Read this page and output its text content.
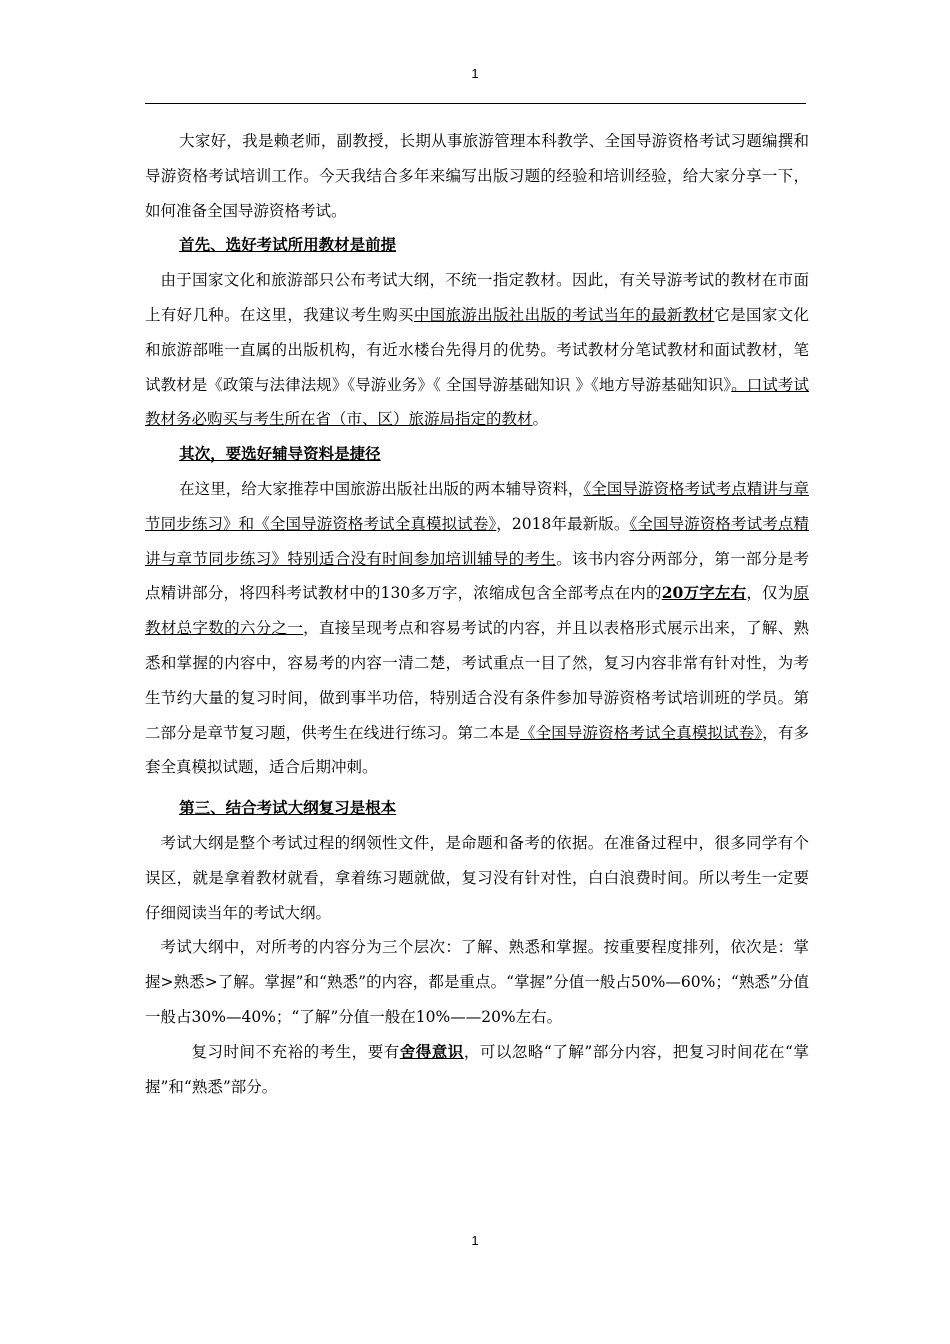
1

大家好，我是赖老师，副教授，长期从事旅游管理本科教学、全国导游资格考试习题编撰和导游资格考试培训工作。今天我结合多年来编写出版习题的经验和培训经验，给大家分享一下，如何准备全国导游资格考试。

首先、选好考试所用教材是前提

由于国家文化和旅游部只公布考试大纲，不统一指定教材。因此，有关导游考试的教材在市面上有好几种。在这里，我建议考生购买中国旅游出版社出版的考试当年的最新教材它是国家文化和旅游部唯一直属的出版机构，有近水楼台先得月的优势。考试教材分笔试教材和面试教材，笔试教材是《政策与法律法规》《导游业务》《 全国导游基础知识 》《地方导游基础知识》。口试考试教材务必购买与考生所在省（市、区）旅游局指定的教材。

其次，要选好辅导资料是捷径

在这里，给大家推荐中国旅游出版社出版的两本辅导资料，《全国导游资格考试考点精讲与章节同步练习》和《全国导游资格考试全真模拟试卷》，2018年最新版。《全国导游资格考试考点精讲与章节同步练习》特别适合没有时间参加培训辅导的考生。该书内容分两部分，第一部分是考点精讲部分，将四科考试教材中的130多万字，浓缩成包含全部考点在内的20万字左右，仅为原教材总字数的六分之一，直接呈现考点和容易考试的内容，并且以表格形式展示出来，了解、熟悉和掌握的内容中，容易考的内容一清二楚，考试重点一目了然，复习内容非常有针对性，为考生节约大量的复习时间，做到事半功倍，特别适合没有条件参加导游资格考试培训班的学员。第二部分是章节复习题，供考生在线进行练习。第二本是《全国导游资格考试全真模拟试卷》，有多套全真模拟试题，适合后期冲刺。

第三、结合考试大纲复习是根本

考试大纲是整个考试过程的纲领性文件，是命题和备考的依据。在准备过程中，很多同学有个误区，就是拿着教材就看，拿着练习题就做，复习没有针对性，白白浪费时间。所以考生一定要仔细阅读当年的考试大纲。

考试大纲中，对所考的内容分为三个层次：了解、熟悉和掌握。按重要程度排列，依次是：掌握>熟悉>了解。掌握”和“熟悉”的内容，都是重点。“掌握”分值一般占50%—60%；“熟悉”分值一般占30%—40%；“了解”分值一般在10%——20%左右。

复习时间不充裕的考生，要有舍得意识，可以忽略“了解”部分内容，把复习时间花在“掌握”和“熟悉”部分。

1
